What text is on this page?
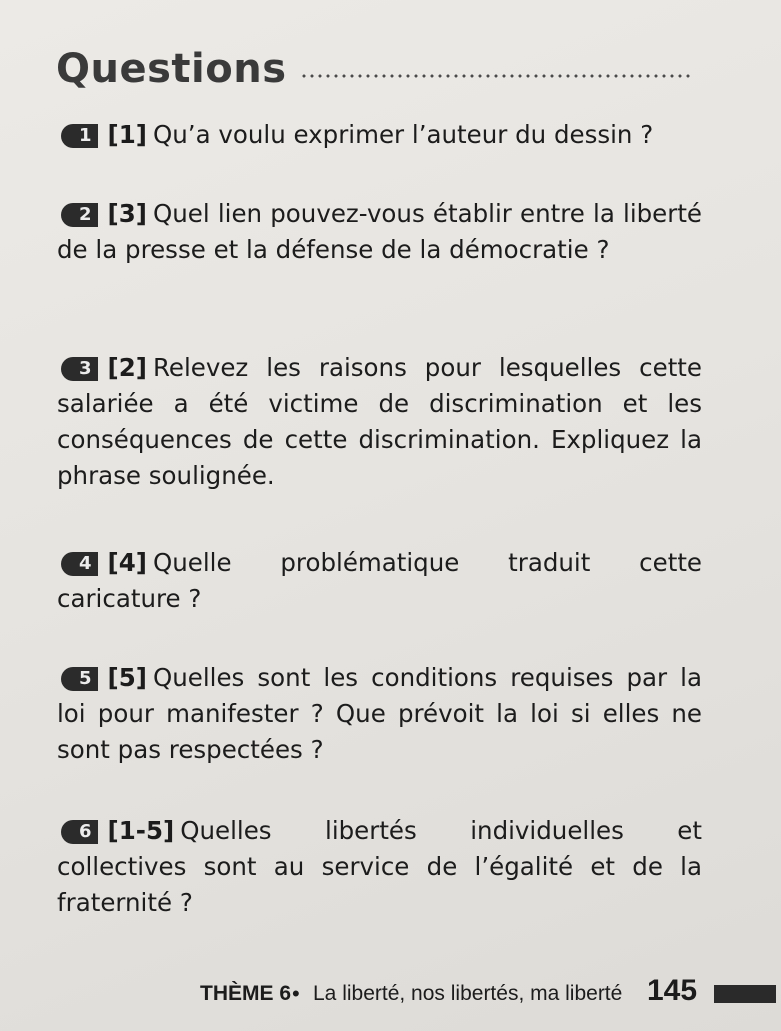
Questions
1 [1] Qu’a voulu exprimer l’auteur du dessin ?
2 [3] Quel lien pouvez-vous établir entre la liberté de la presse et la défense de la démocratie ?
3 [2] Relevez les raisons pour lesquelles cette salariée a été victime de discrimination et les conséquences de cette discrimination. Expliquez la phrase soulignée.
4 [4] Quelle problématique traduit cette caricature ?
5 [5] Quelles sont les conditions requises par la loi pour manifester ? Que prévoit la loi si elles ne sont pas respectées ?
6 [1-5] Quelles libertés individuelles et collectives sont au service de l’égalité et de la fraternité ?
THÈME 6 • La liberté, nos libertés, ma liberté 145
